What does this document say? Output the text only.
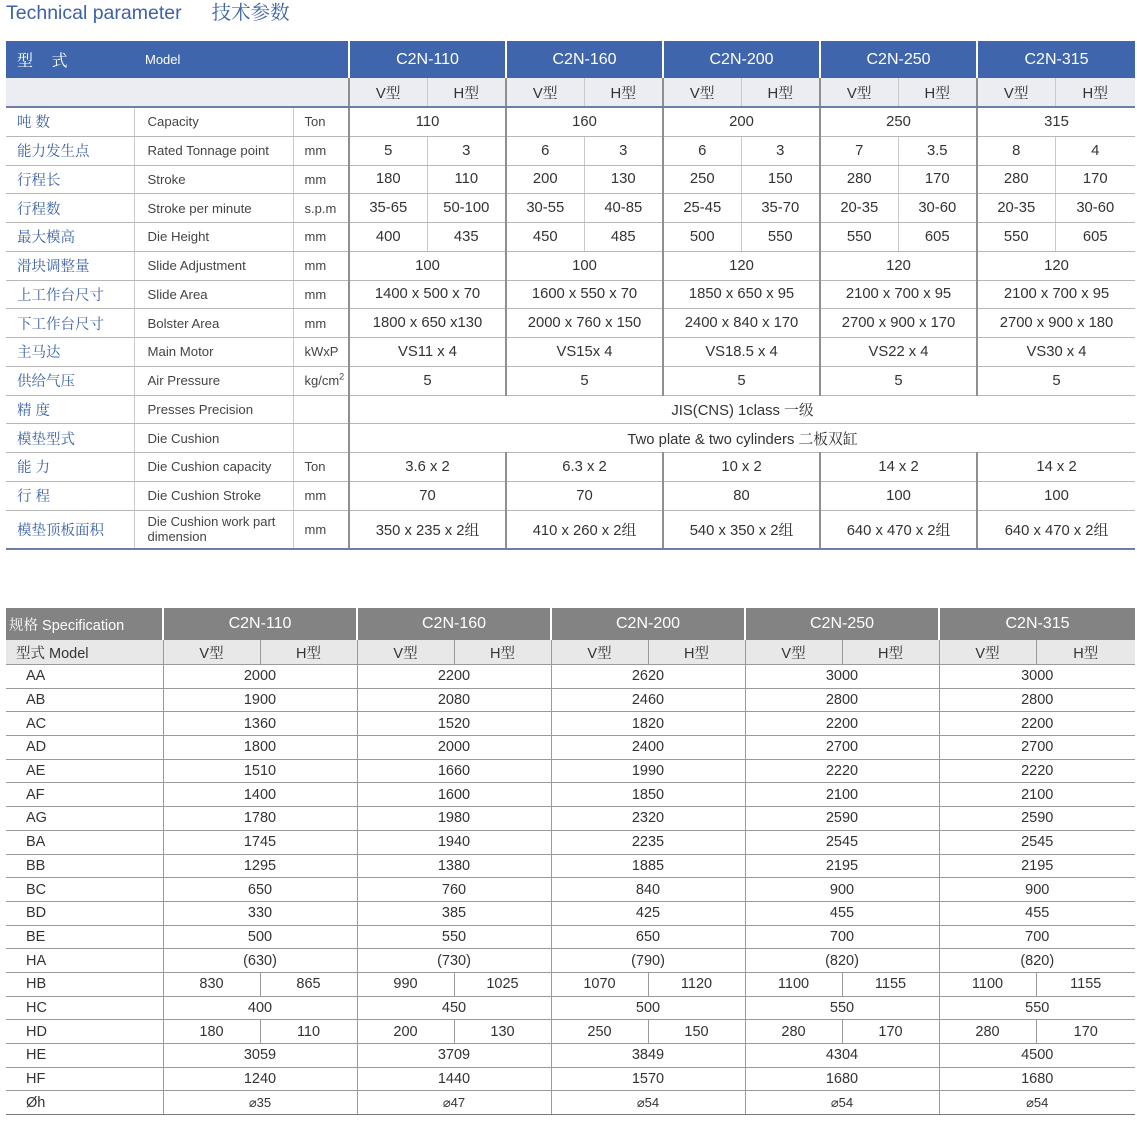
Technical parameter 技术参数
型 式	Model		C2N-110		C2N-160		C2N-200		C2N-250		C2N-315	
			V型	H型	V型	H型	V型	H型	V型	H型	V型	H型
吨 数	Capacity	Ton	110		160		200		250		315	
能力发生点	Rated Tonnage point	mm	5	3	6	3	6	3	7	3.5	8	4
行程长	Stroke	mm	180	110	200	130	250	150	280	170	280	170
行程数	Stroke per minute	s.p.m	35-65	50-100	30-55	40-85	25-45	35-70	20-35	30-60	20-35	30-60
最大模高	Die Height	mm	400	435	450	485	500	550	550	605	550	605
滑块调整量	Slide Adjustment	mm	100		100		120		120		120	
上工作台尺寸	Slide Area	mm	1400 x 500 x 70		1600 x 550 x 70		1850 x 650 x 95		2100 x 700 x 95		2100 x 700 x 95	
下工作台尺寸	Bolster Area	mm	1800 x 650 x130		2000 x 760 x 150		2400 x 840 x 170		2700 x 900 x 170		2700 x 900 x 180	
主马达	Main Motor	kWxP	VS11 x 4		VS15x 4		VS18.5 x 4		VS22 x 4		VS30 x 4	
供给气压	Air Pressure	$kg/cm^2$	5		5		5		5		5	
精 度	Presses Precision		JIS(CNS) 1class 一级									
模垫型式	Die Cushion		Two plate & two cylinders 二板双缸									
能 力	Die Cushion capacity	Ton	3.6 x 2		6.3 x 2		10 x 2		14 x 2		14 x 2	
行 程	Die Cushion Stroke	mm	70		70		80		100		100	
模垫顶板面积	Die Cushion work part dimension	mm	350 x 235 x 2组		410 x 260 x 2组		540 x 350 x 2组		640 x 470 x 2组		640 x 470 x 2组	
规格 Specification	C2N-110		C2N-160		C2N-200		C2N-250		C2N-315	
型式 Model	V型	H型	V型	H型	V型	H型	V型	H型	V型	H型
AA	2000		2200		2620		3000		3000	
AB	1900		2080		2460		2800		2800	
AC	1360		1520		1820		2200		2200	
AD	1800		2000		2400		2700		2700	
AE	1510		1660		1990		2220		2220	
AF	1400		1600		1850		2100		2100	
AG	1780		1980		2320		2590		2590	
BA	1745		1940		2235		2545		2545	
BB	1295		1380		1885		2195		2195	
BC	650		760		840		900		900	
BD	330		385		425		455		455	
BE	500		550		650		700		700	
HA	(630)		(730)		(790)		(820)		(820)	
HB	830	865	990	1025	1070	1120	1100	1155	1100	1155
HC	400		450		500		550		550	
HD	180	110	200	130	250	150	280	170	280	170
HE	3059		3709		3849		4304		4500	
HF	1240		1440		1570		1680		1680	
Øh	⌀35		⌀47		⌀54		⌀54		⌀54	
